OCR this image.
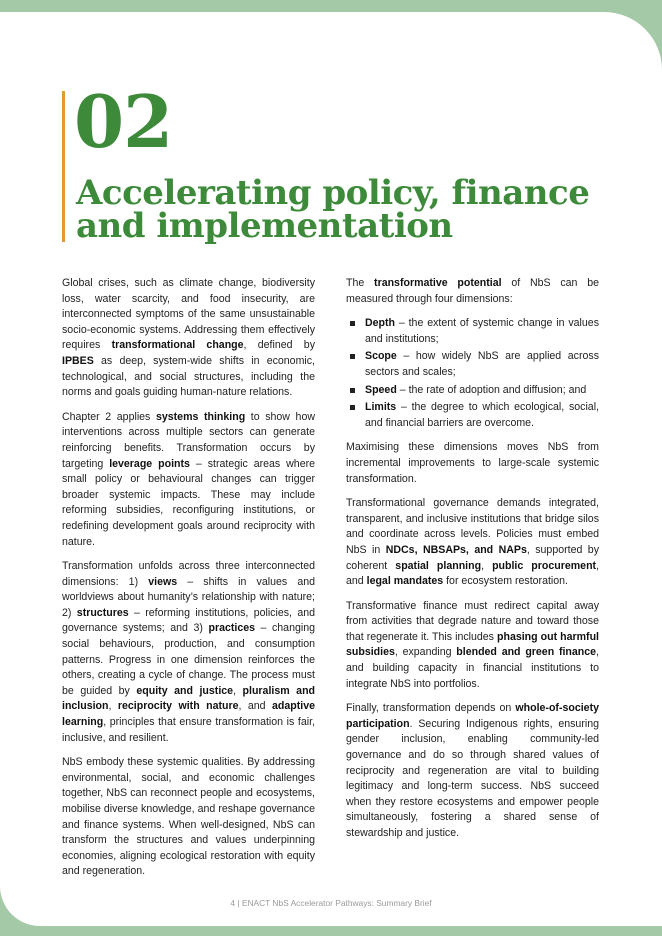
02
Accelerating policy, finance and implementation

Global crises, such as climate change, biodiversity loss, water scarcity, and food insecurity, are interconnected symptoms of the same unsustainable socio-economic systems. Addressing them effectively requires transformational change, defined by IPBES as deep, system-wide shifts in economic, technological, and social structures, including the norms and goals guiding human-nature relations.

Chapter 2 applies systems thinking to show how interventions across multiple sectors can generate reinforcing benefits. Transformation occurs by targeting leverage points – strategic areas where small policy or behavioural changes can trigger broader systemic impacts. These may include reforming subsidies, reconfiguring institutions, or redefining development goals around reciprocity with nature.

Transformation unfolds across three interconnected dimensions: 1) views – shifts in values and worldviews about humanity’s relationship with nature; 2) structures – reforming institutions, policies, and governance systems; and 3) practices – changing social behaviours, production, and consumption patterns. Progress in one dimension reinforces the others, creating a cycle of change. The process must be guided by equity and justice, pluralism and inclusion, reciprocity with nature, and adaptive learning, principles that ensure transformation is fair, inclusive, and resilient.

NbS embody these systemic qualities. By addressing environmental, social, and economic challenges together, NbS can reconnect people and ecosystems, mobilise diverse knowledge, and reshape governance and finance systems. When well-designed, NbS can transform the structures and values underpinning economies, aligning ecological restoration with equity and regeneration.

The transformative potential of NbS can be measured through four dimensions:

Depth – the extent of systemic change in values and institutions;
Scope – how widely NbS are applied across sectors and scales;
Speed – the rate of adoption and diffusion; and
Limits – the degree to which ecological, social, and financial barriers are overcome.

Maximising these dimensions moves NbS from incremental improvements to large-scale systemic transformation.

Transformational governance demands integrated, transparent, and inclusive institutions that bridge silos and coordinate across levels. Policies must embed NbS in NDCs, NBSAPs, and NAPs, supported by coherent spatial planning, public procurement, and legal mandates for ecosystem restoration.

Transformative finance must redirect capital away from activities that degrade nature and toward those that regenerate it. This includes phasing out harmful subsidies, expanding blended and green finance, and building capacity in financial institutions to integrate NbS into portfolios.

Finally, transformation depends on whole-of-society participation. Securing Indigenous rights, ensuring gender inclusion, enabling community-led governance and do so through shared values of reciprocity and regeneration are vital to building legitimacy and long-term success. NbS succeed when they restore ecosystems and empower people simultaneously, fostering a shared sense of stewardship and justice.

4 | ENACT NbS Accelerator Pathways: Summary Brief
